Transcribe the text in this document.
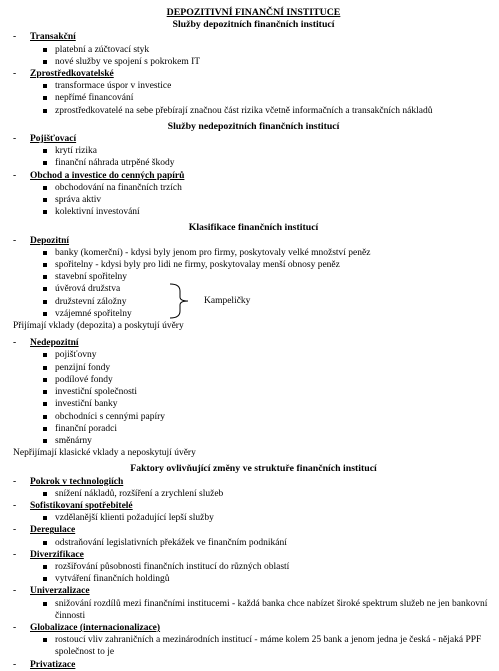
DEPOZITIVNÍ FINANČNÍ INSTITUCE
Služby depozitních finančních institucí
- Transakční
platební a zúčtovací styk
nové služby ve spojení s pokrokem IT
- Zprostředkovatelské
transformace úspor v investice
nepřímé financování
zprostředkovatelé na sebe přebírají značnou část rizika včetně informačních a transakčních nákladů
Služby nedepozitních finančních institucí
- Pojišťovací
krytí rizika
finanční náhrada utrpěné škody
- Obchod a investice do cenných papírů
obchodování na finančních trzích
správa aktiv
kolektivní investování
Klasifikace finančních institucí
- Depozitní
banky (komerční) - kdysi byly jenom pro firmy, poskytovaly velké množství peněz
spořitelny - kdysi byly pro lidi ne firmy, poskytovalay menší obnosy peněz
stavební spořitelny
úvěrová družstva
družstevní záložny
vzájemné spořitelny
Kampeličky
Přijímají vklady (depozita) a poskytují úvěry
- Nedepozitní
pojišťovny
penzijní fondy
podílové fondy
investiční společnosti
investiční banky
obchodníci s cennými papíry
finanční poradci
směnárny
Nepřijímají klasické vklady a neposkytují úvěry
Faktory ovlivňující změny ve struktuře finančních institucí
- Pokrok v technologiích
snížení nákladů, rozšíření a zrychlení služeb
- Sofistikovaní spotřebitelé
vzdělanější klienti požadující lepší služby
- Deregulace
odstraňování legislativních překážek ve finančním podnikání
- Diverzifikace
rozšiřování působnosti finančních institucí do různých oblastí
vytváření finančních holdingů
- Univerzalizace
snižování rozdílů mezi finančními institucemi - každá banka chce nabízet široké spektrum služeb ne jen bankovní činnosti
- Globalizace (internacionalizace)
rostoucí vliv zahraničních a mezinárodních institucí - máme kolem 25 bank a jenom jedna je česká - nějaká PPF společnost to je
- Privatizace
